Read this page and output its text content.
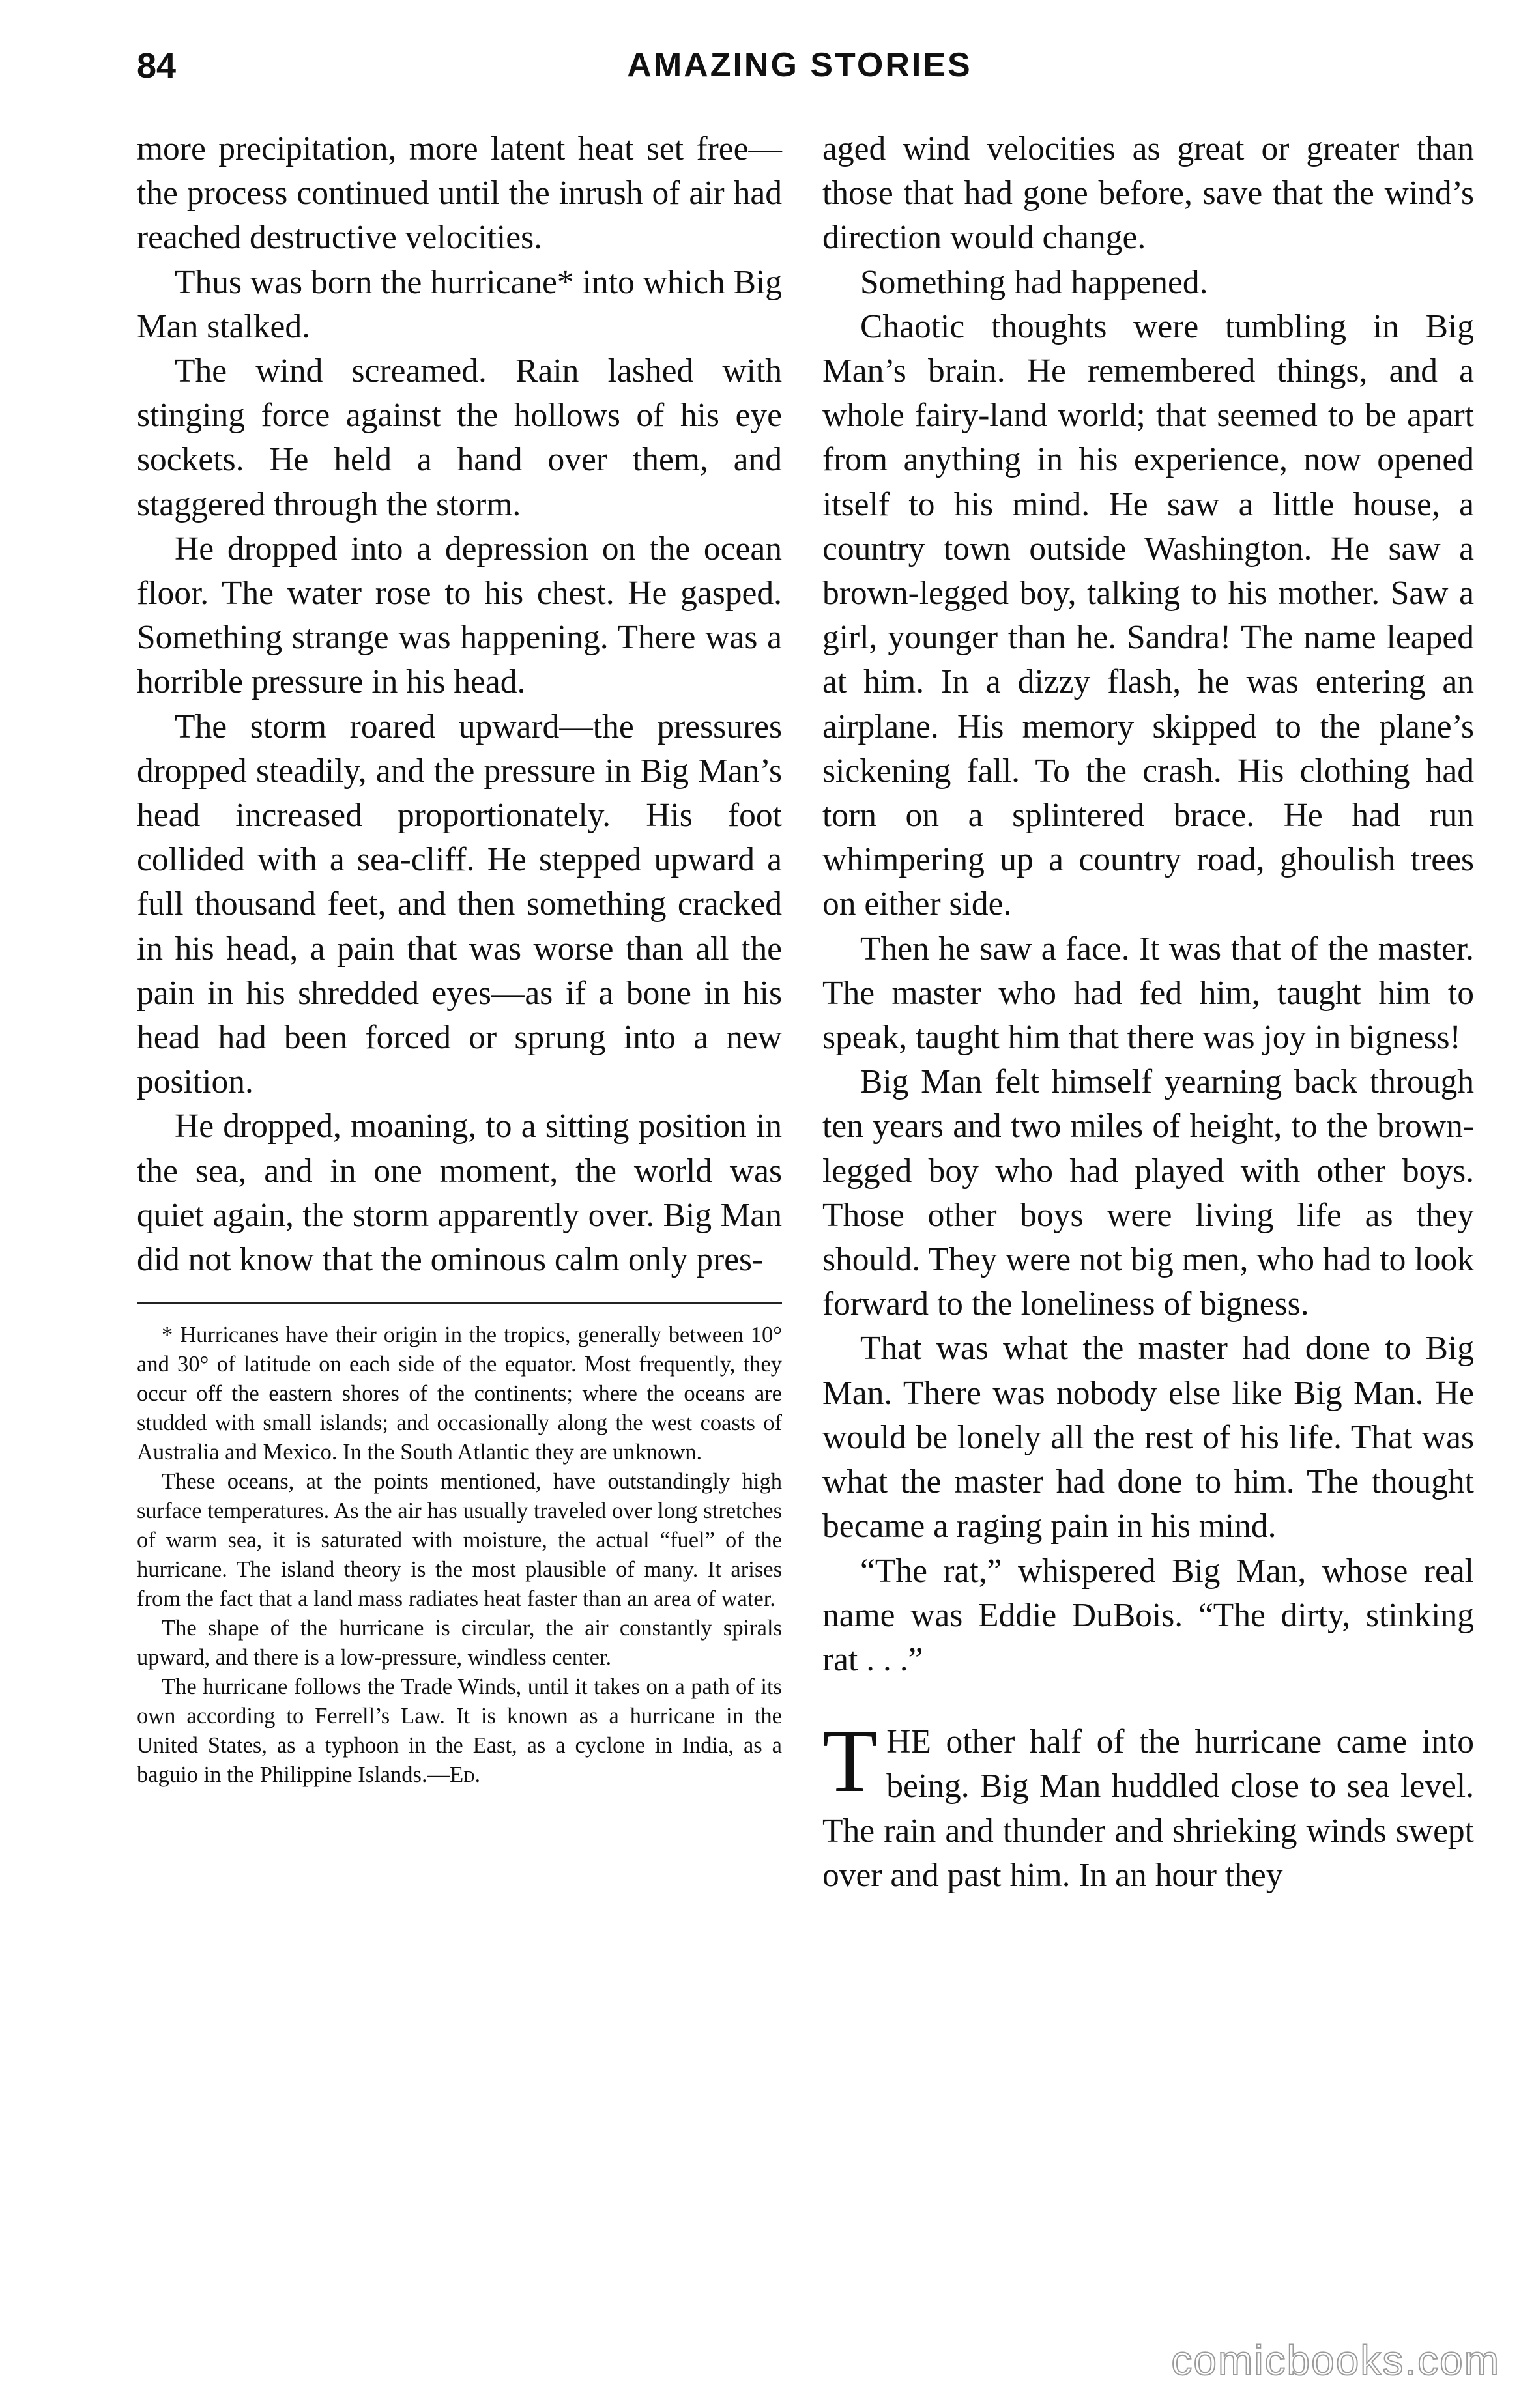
84	AMAZING STORIES

more precipitation, more latent heat set free—the process continued until the inrush of air had reached destructive velocities.

Thus was born the hurricane* into which Big Man stalked.

The wind screamed. Rain lashed with stinging force against the hollows of his eye sockets. He held a hand over them, and staggered through the storm.

He dropped into a depression on the ocean floor. The water rose to his chest. He gasped. Something strange was happening. There was a horrible pressure in his head.

The storm roared upward—the pressures dropped steadily, and the pressure in Big Man’s head increased proportionately. His foot collided with a sea-cliff. He stepped upward a full thousand feet, and then something cracked in his head, a pain that was worse than all the pain in his shredded eyes—as if a bone in his head had been forced or sprung into a new position.

He dropped, moaning, to a sitting position in the sea, and in one moment, the world was quiet again, the storm apparently over. Big Man did not know that the ominous calm only pres-

* Hurricanes have their origin in the tropics, generally between 10° and 30° of latitude on each side of the equator. Most frequently, they occur off the eastern shores of the continents; where the oceans are studded with small islands; and occasionally along the west coasts of Australia and Mexico. In the South Atlantic they are unknown.

These oceans, at the points mentioned, have outstandingly high surface temperatures. As the air has usually traveled over long stretches of warm sea, it is saturated with moisture, the actual “fuel” of the hurricane. The island theory is the most plausible of many. It arises from the fact that a land mass radiates heat faster than an area of water.

The shape of the hurricane is circular, the air constantly spirals upward, and there is a low-pressure, windless center.

The hurricane follows the Trade Winds, until it takes on a path of its own according to Ferrell’s Law. It is known as a hurricane in the United States, as a typhoon in the East, as a cyclone in India, as a baguio in the Philippine Islands.—Ed.

aged wind velocities as great or greater than those that had gone before, save that the wind’s direction would change.

Something had happened.

Chaotic thoughts were tumbling in Big Man’s brain. He remembered things, and a whole fairy-land world; that seemed to be apart from anything in his experience, now opened itself to his mind. He saw a little house, a country town outside Washington. He saw a brown-legged boy, talking to his mother. Saw a girl, younger than he. Sandra! The name leaped at him. In a dizzy flash, he was entering an airplane. His memory skipped to the plane’s sickening fall. To the crash. His clothing had torn on a splintered brace. He had run whimpering up a country road, ghoulish trees on either side.

Then he saw a face. It was that of the master. The master who had fed him, taught him to speak, taught him that there was joy in bigness!

Big Man felt himself yearning back through ten years and two miles of height, to the brown-legged boy who had played with other boys. Those other boys were living life as they should. They were not big men, who had to look forward to the loneliness of bigness.

That was what the master had done to Big Man. There was nobody else like Big Man. He would be lonely all the rest of his life. That was what the master had done to him. The thought became a raging pain in his mind.

“The rat,” whispered Big Man, whose real name was Eddie DuBois. “The dirty, stinking rat . . .”

THE other half of the hurricane came into being. Big Man huddled close to sea level. The rain and thunder and shrieking winds swept over and past him. In an hour they

comicbooks.com
